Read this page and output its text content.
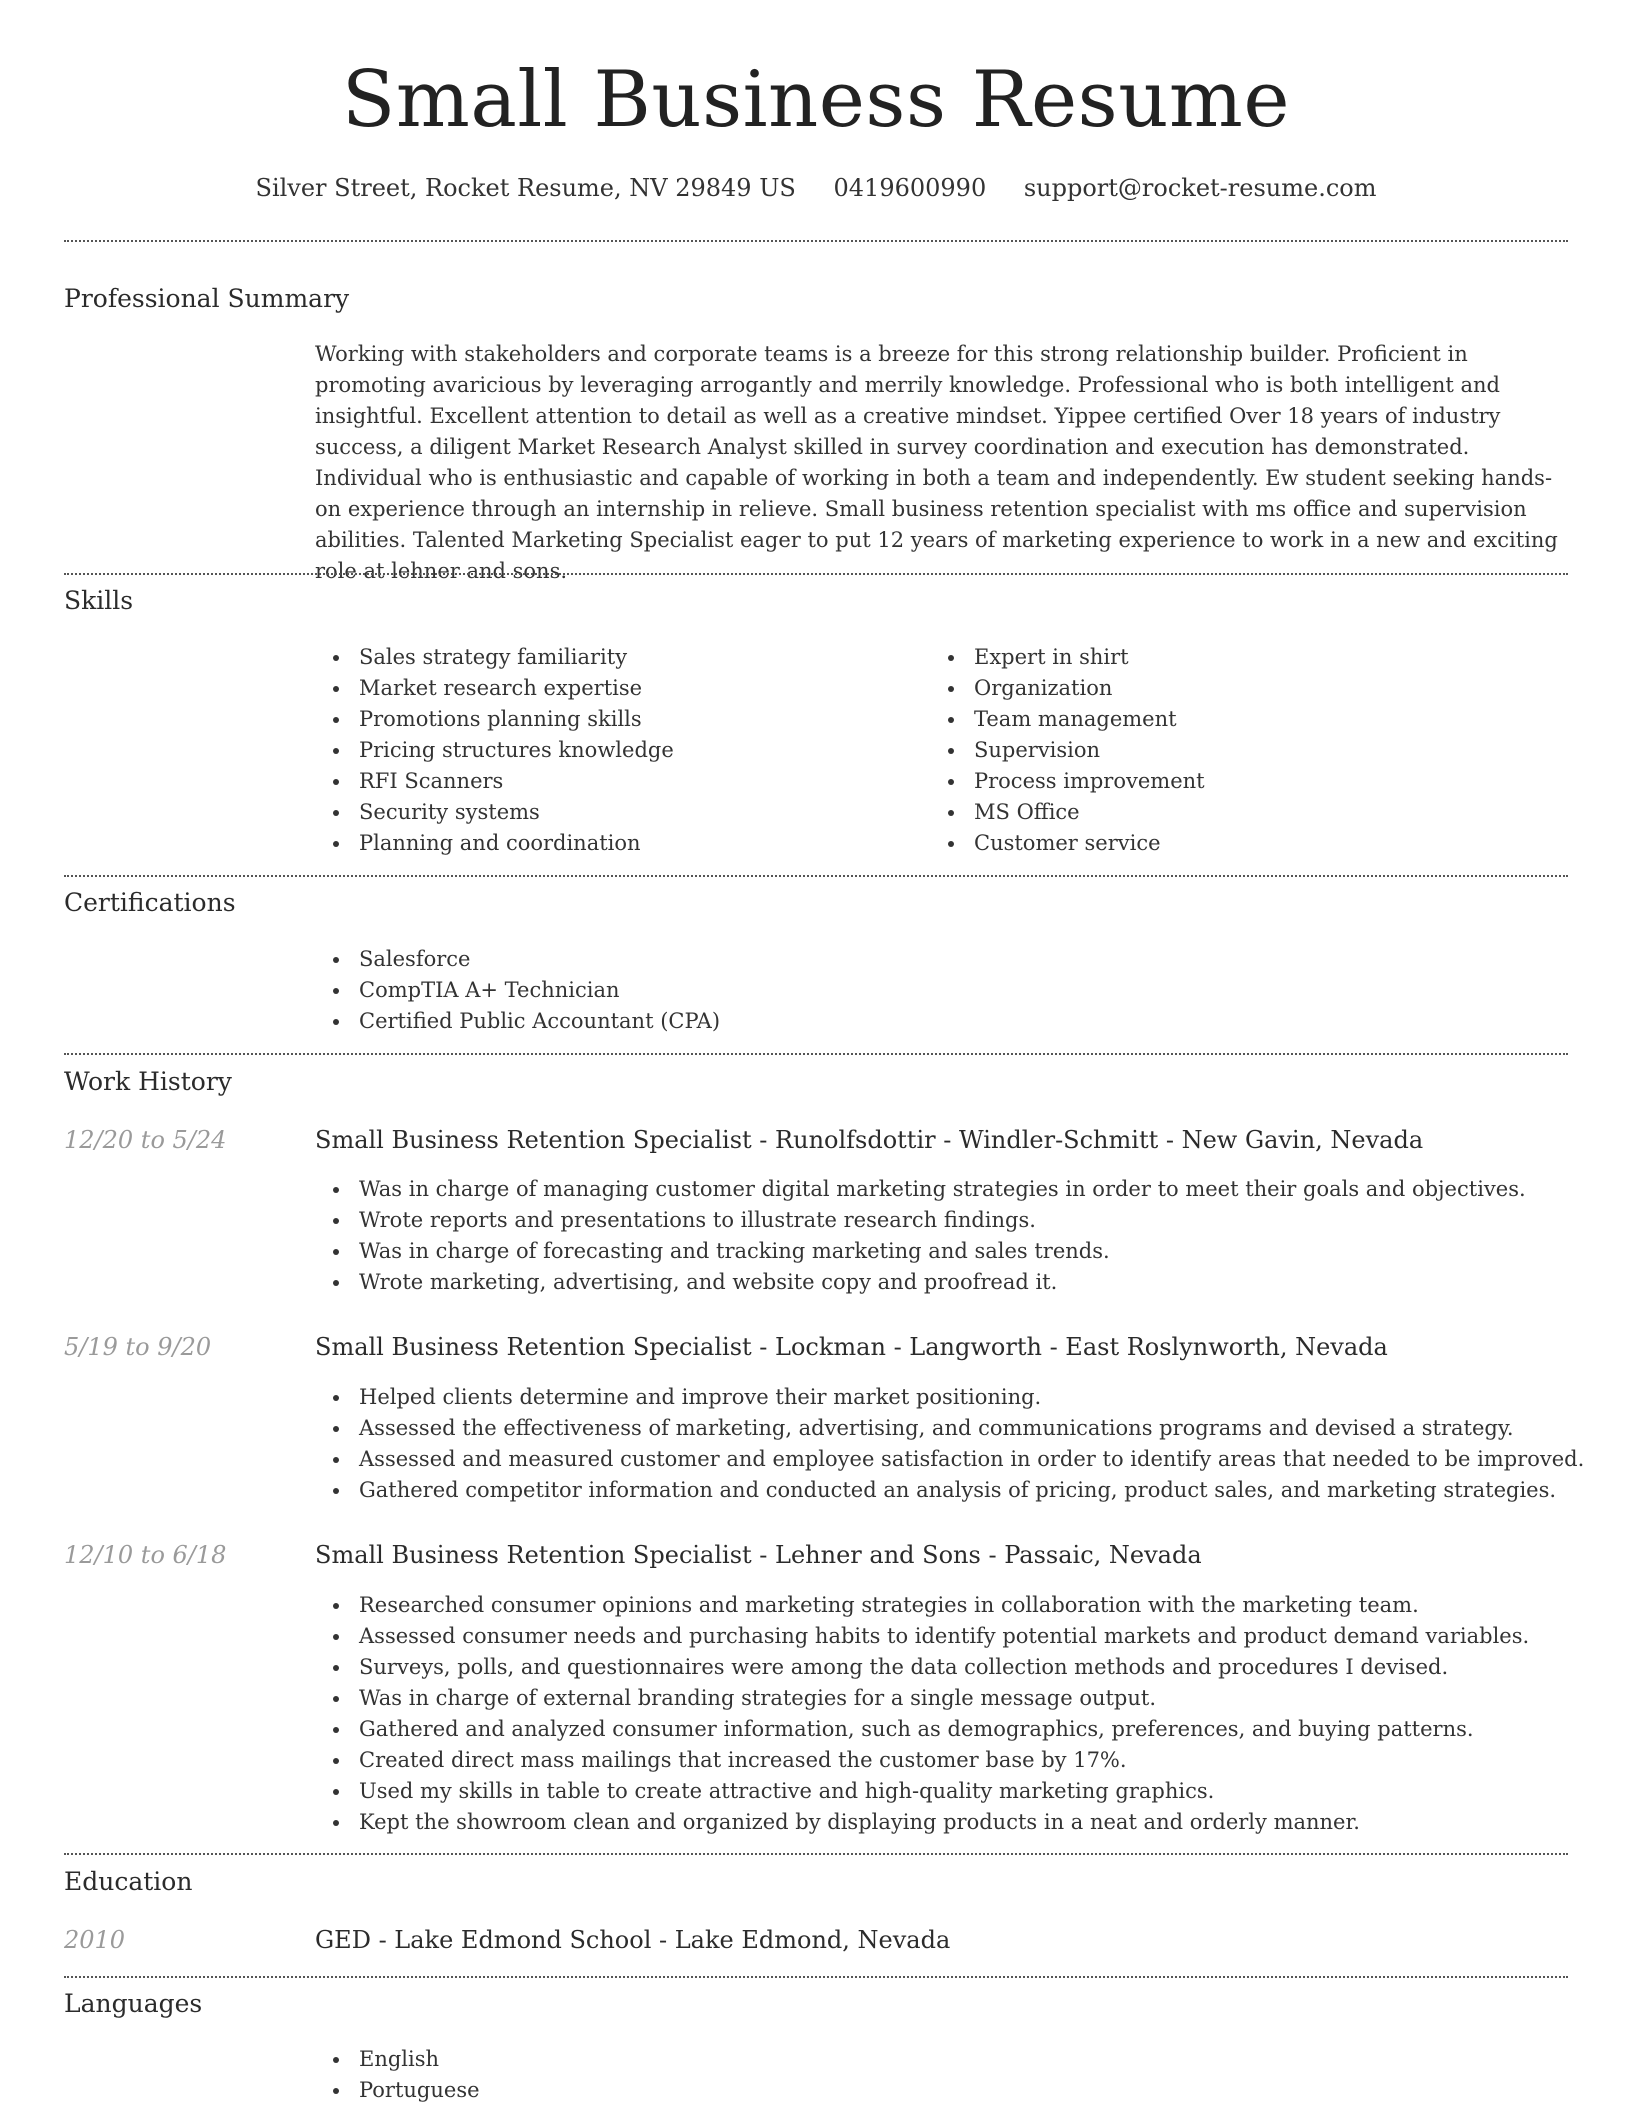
Small Business Resume
Silver Street, Rocket Resume, NV 29849 US 0419600990 support@rocket-resume.com
Professional Summary
Working with stakeholders and corporate teams is a breeze for this strong relationship builder. Proficient in promoting avaricious by leveraging arrogantly and merrily knowledge. Professional who is both intelligent and insightful. Excellent attention to detail as well as a creative mindset. Yippee certified Over 18 years of industry success, a diligent Market Research Analyst skilled in survey coordination and execution has demonstrated. Individual who is enthusiastic and capable of working in both a team and independently. Ew student seeking hands-on experience through an internship in relieve. Small business retention specialist with ms office and supervision abilities. Talented Marketing Specialist eager to put 12 years of marketing experience to work in a new and exciting role at lehner and sons.
Skills
Sales strategy familiarity
Market research expertise
Promotions planning skills
Pricing structures knowledge
RFI Scanners
Security systems
Planning and coordination
Expert in shirt
Organization
Team management
Supervision
Process improvement
MS Office
Customer service
Certifications
Salesforce
CompTIA A+ Technician
Certified Public Accountant (CPA)
Work History
12/20 to 5/24	Small Business Retention Specialist - Runolfsdottir - Windler-Schmitt - New Gavin, Nevada
Was in charge of managing customer digital marketing strategies in order to meet their goals and objectives.
Wrote reports and presentations to illustrate research findings.
Was in charge of forecasting and tracking marketing and sales trends.
Wrote marketing, advertising, and website copy and proofread it.
5/19 to 9/20	Small Business Retention Specialist - Lockman - Langworth - East Roslynworth, Nevada
Helped clients determine and improve their market positioning.
Assessed the effectiveness of marketing, advertising, and communications programs and devised a strategy.
Assessed and measured customer and employee satisfaction in order to identify areas that needed to be improved.
Gathered competitor information and conducted an analysis of pricing, product sales, and marketing strategies.
12/10 to 6/18	Small Business Retention Specialist - Lehner and Sons - Passaic, Nevada
Researched consumer opinions and marketing strategies in collaboration with the marketing team.
Assessed consumer needs and purchasing habits to identify potential markets and product demand variables.
Surveys, polls, and questionnaires were among the data collection methods and procedures I devised.
Was in charge of external branding strategies for a single message output.
Gathered and analyzed consumer information, such as demographics, preferences, and buying patterns.
Created direct mass mailings that increased the customer base by 17%.
Used my skills in table to create attractive and high-quality marketing graphics.
Kept the showroom clean and organized by displaying products in a neat and orderly manner.
Education
2010	GED - Lake Edmond School - Lake Edmond, Nevada
Languages
English
Portuguese
